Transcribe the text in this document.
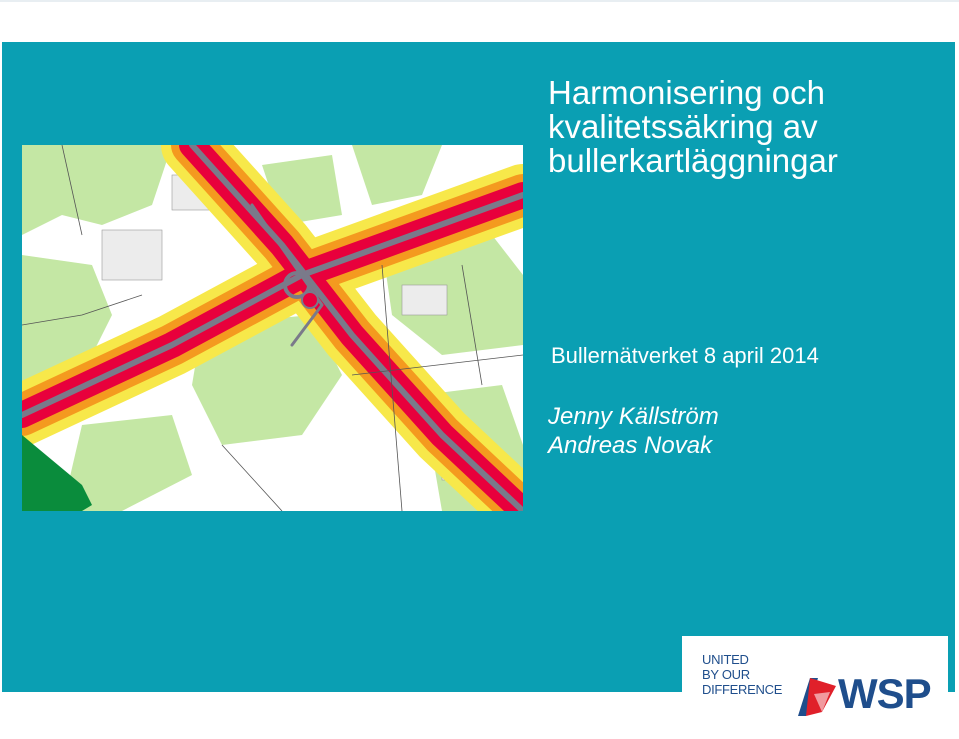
Harmonisering och
kvalitetssäkring av
bullerkartläggningar
Bullernätverket 8 april 2014
Jenny Källström
Andreas Novak
UNITED
BY OUR
DIFFERENCE WSP
